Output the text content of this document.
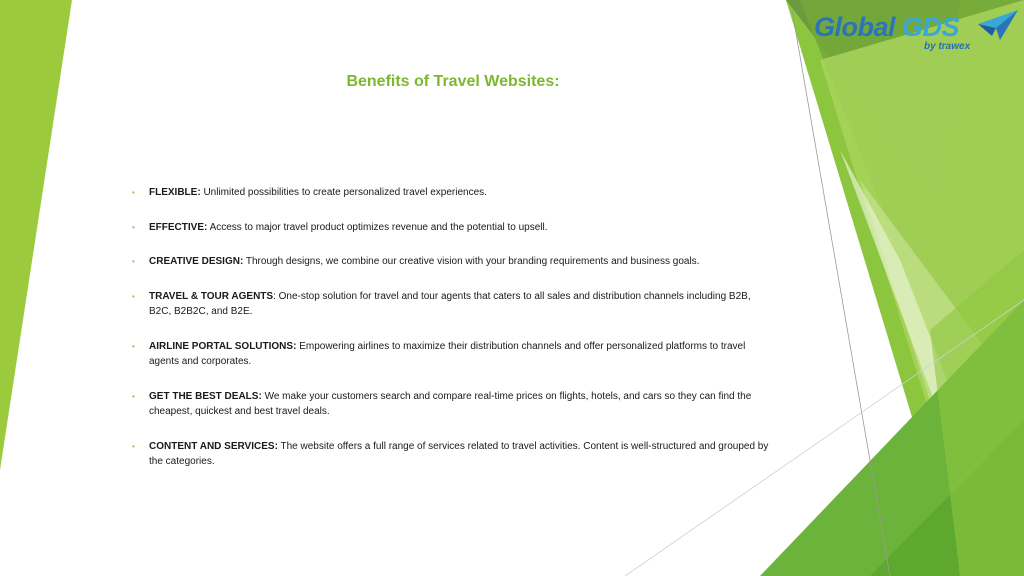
Global GDS
by trawex
Benefits of Travel Websites:
• FLEXIBLE: Unlimited possibilities to create personalized travel experiences.
• EFFECTIVE: Access to major travel product optimizes revenue and the potential to upsell.
• CREATIVE DESIGN: Through designs, we combine our creative vision with your branding requirements and business goals.
• TRAVEL & TOUR AGENTS: One-stop solution for travel and tour agents that caters to all sales and distribution channels including B2B, B2C, B2B2C, and B2E.
• AIRLINE PORTAL SOLUTIONS: Empowering airlines to maximize their distribution channels and offer personalized platforms to travel agents and corporates.
• GET THE BEST DEALS: We make your customers search and compare real-time prices on flights, hotels, and cars so they can find the cheapest, quickest and best travel deals.
• CONTENT AND SERVICES: The website offers a full range of services related to travel activities. Content is well-structured and grouped by the categories.
